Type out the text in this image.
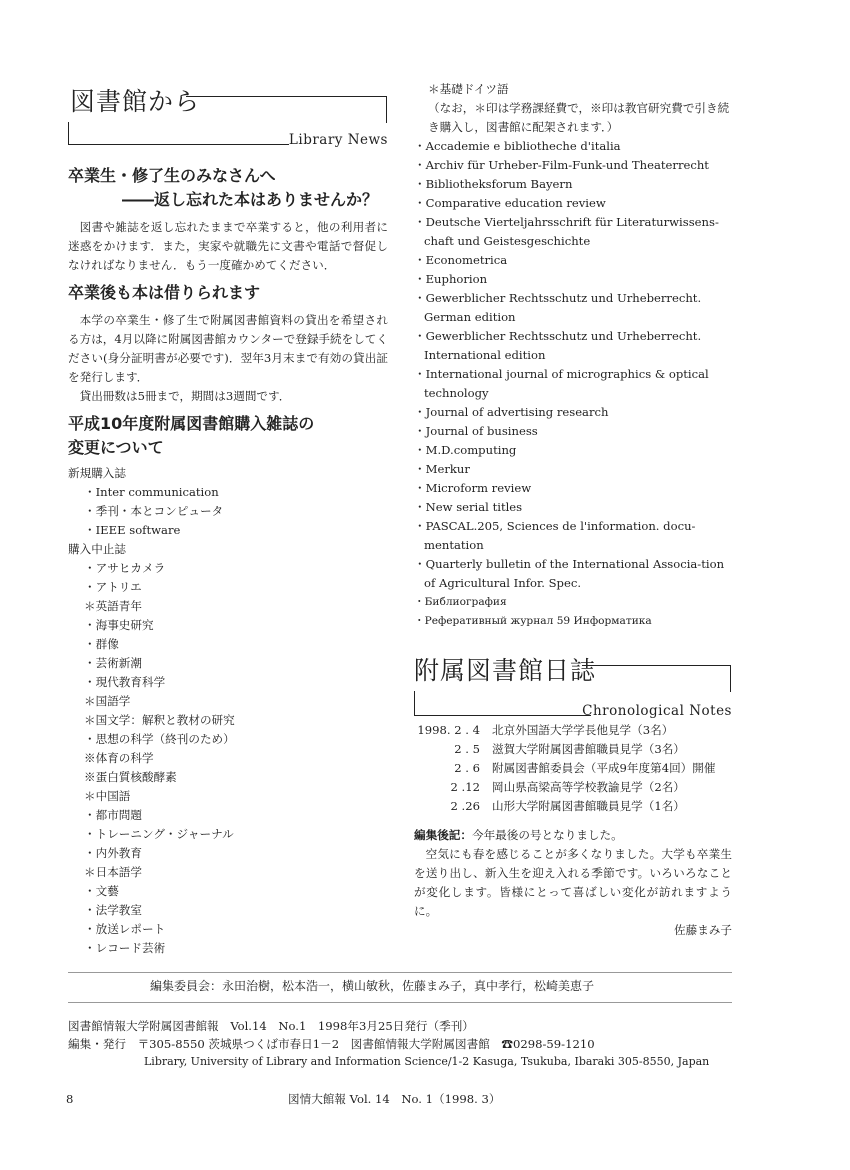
図書館から
Library News
卒業生・修了生のみなさんへ
――返し忘れた本はありませんか？

図書や雑誌を返し忘れたままで卒業すると，他の利用者に迷惑をかけます．また，実家や就職先に文書や電話で督促しなければなりません．もう一度確かめてください．

卒業後も本は借りられます

本学の卒業生・修了生で附属図書館資料の貸出を希望される方は，4月以降に附属図書館カウンターで登録手続をしてください(身分証明書が必要です)．翌年3月末まで有効の貸出証を発行します．

貸出冊数は5冊まで，期間は3週間です．

平成10年度附属図書館購入雑誌の
変更について
新規購入誌
・Inter communication
・季刊・本とコンピュータ
・IEEE software
購入中止誌
・アサヒカメラ
・アトリエ
＊英語青年
・海事史研究
・群像
・芸術新潮
・現代教育科学
＊国語学
＊国文学：解釈と教材の研究
・思想の科学（終刊のため）
※体育の科学
※蛋白質核酸酵素
＊中国語
・都市問題
・トレーニング・ジャーナル
・内外教育
＊日本語学
・文藝
・法学教室
・放送レポート
・レコード芸術
＊基礎ドイツ語
（なお，＊印は学務課経費で，※印は教官研究費で引き続き購入し，図書館に配架されます．）
・Accademie e bibliotheche d'italia
・Archiv für Urheber-Film-Funk-und Theaterrecht
・Bibliotheksforum Bayern
・Comparative education review
・Deutsche Vierteljahrsschrift für Literaturwissens-chaft und Geistesgeschichte
・Econometrica
・Euphorion
・Gewerblicher Rechtsschutz und Urheberrecht. German edition
・Gewerblicher Rechtsschutz und Urheberrecht. International edition
・International journal of micrographics & optical technology
・Journal of advertising research
・Journal of business
・M.D.computing
・Merkur
・Microform review
・New serial titles
・PASCAL.205, Sciences de l'information. docu-mentation
・Quarterly bulletin of the International Associa-tion of Agricultural Infor. Spec.
・Библиография
・Реферативный журнал 59 Информатика
附属図書館日誌
Chronological Notes
1998. 2 . 4	北京外国語大学学長他見学（3名）
2 . 5	滋賀大学附属図書館職員見学（3名）
2 . 6	附属図書館委員会（平成9年度第4回）開催
2 .12	岡山県高梁高等学校教諭見学（2名）
2 .26	山形大学附属図書館職員見学（1名）
編集後記：今年最後の号となりました。

空気にも春を感じることが多くなりました。大学も卒業生を送り出し、新入生を迎え入れる季節です。いろいろなことが変化します。皆様にとって喜ばしい変化が訪れますように。

佐藤まみ子
編集委員会：永田治樹，松本浩一，横山敏秋，佐藤まみ子，真中孝行，松崎美恵子
図書館情報大学附属図書館報　Vol.14　No.1　1998年3月25日発行（季刊）
編集・発行　〒305-8550 茨城県つくば市春日1－2　図書館情報大学附属図書館　☎0298-59-1210
Library, University of Library and Information Science/1-2 Kasuga, Tsukuba, Ibaraki 305-8550, Japan
8	図情大館報 Vol. 14　No. 1（1998. 3）
